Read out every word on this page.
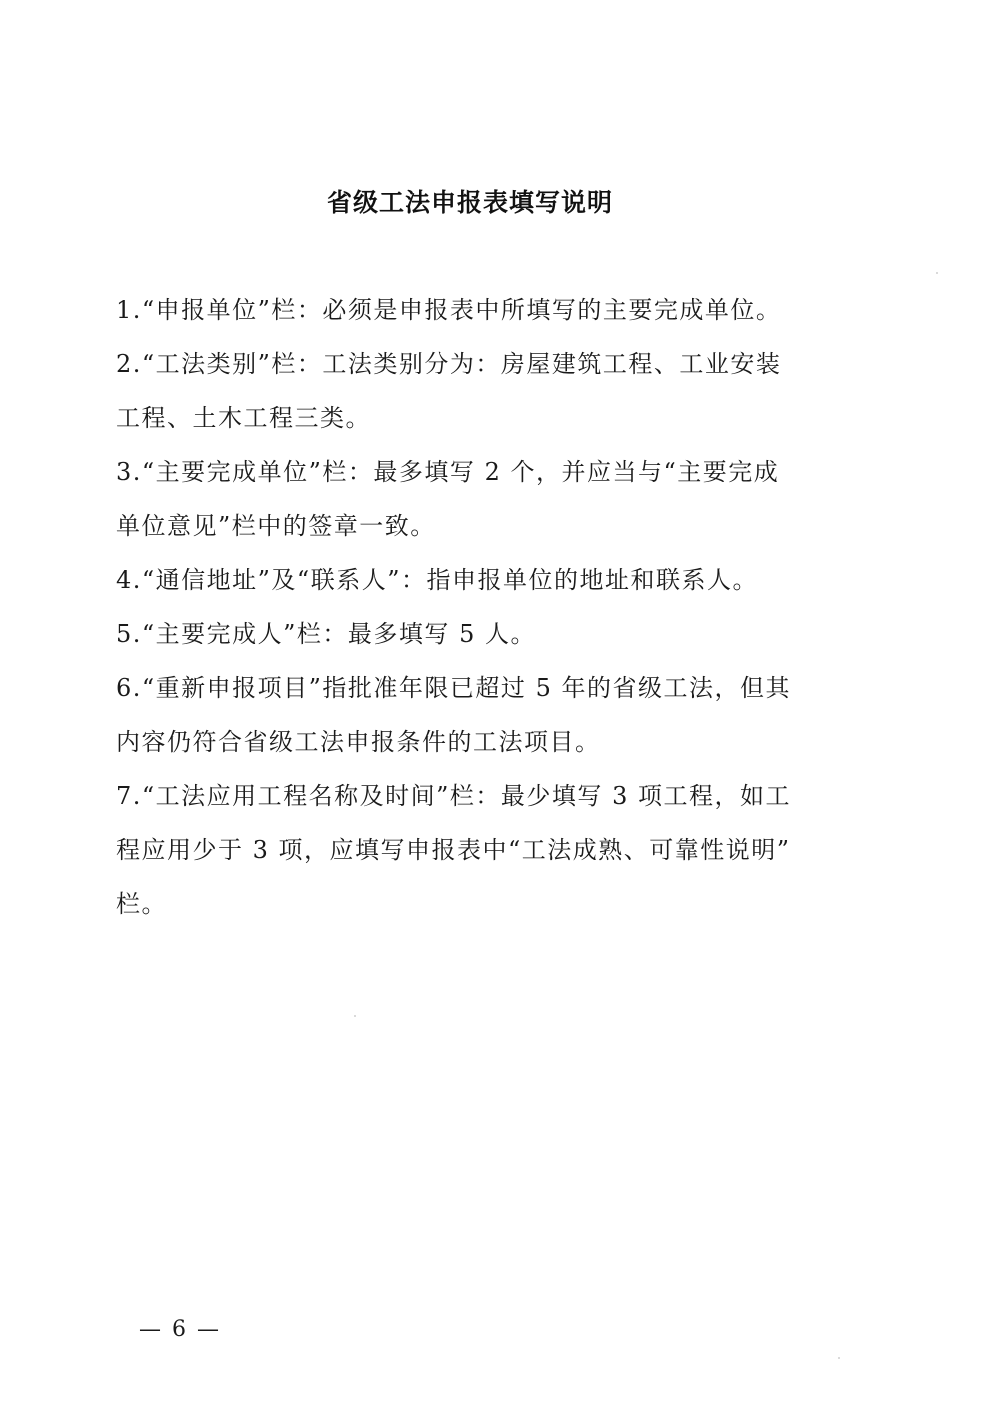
省级工法申报表填写说明
1.“申报单位”栏：必须是申报表中所填写的主要完成单位。
2.“工法类别”栏：工法类别分为：房屋建筑工程、工业安装
工程、土木工程三类。
3.“主要完成单位”栏：最多填写 2 个，并应当与“主要完成
单位意见”栏中的签章一致。
4.“通信地址”及“联系人”：指申报单位的地址和联系人。
5.“主要完成人”栏：最多填写 5 人。
6.“重新申报项目”指批准年限已超过 5 年的省级工法，但其
内容仍符合省级工法申报条件的工法项目。
7.“工法应用工程名称及时间”栏：最少填写 3 项工程，如工
程应用少于 3 项，应填写申报表中“工法成熟、可靠性说明”
栏。
— 6 —
